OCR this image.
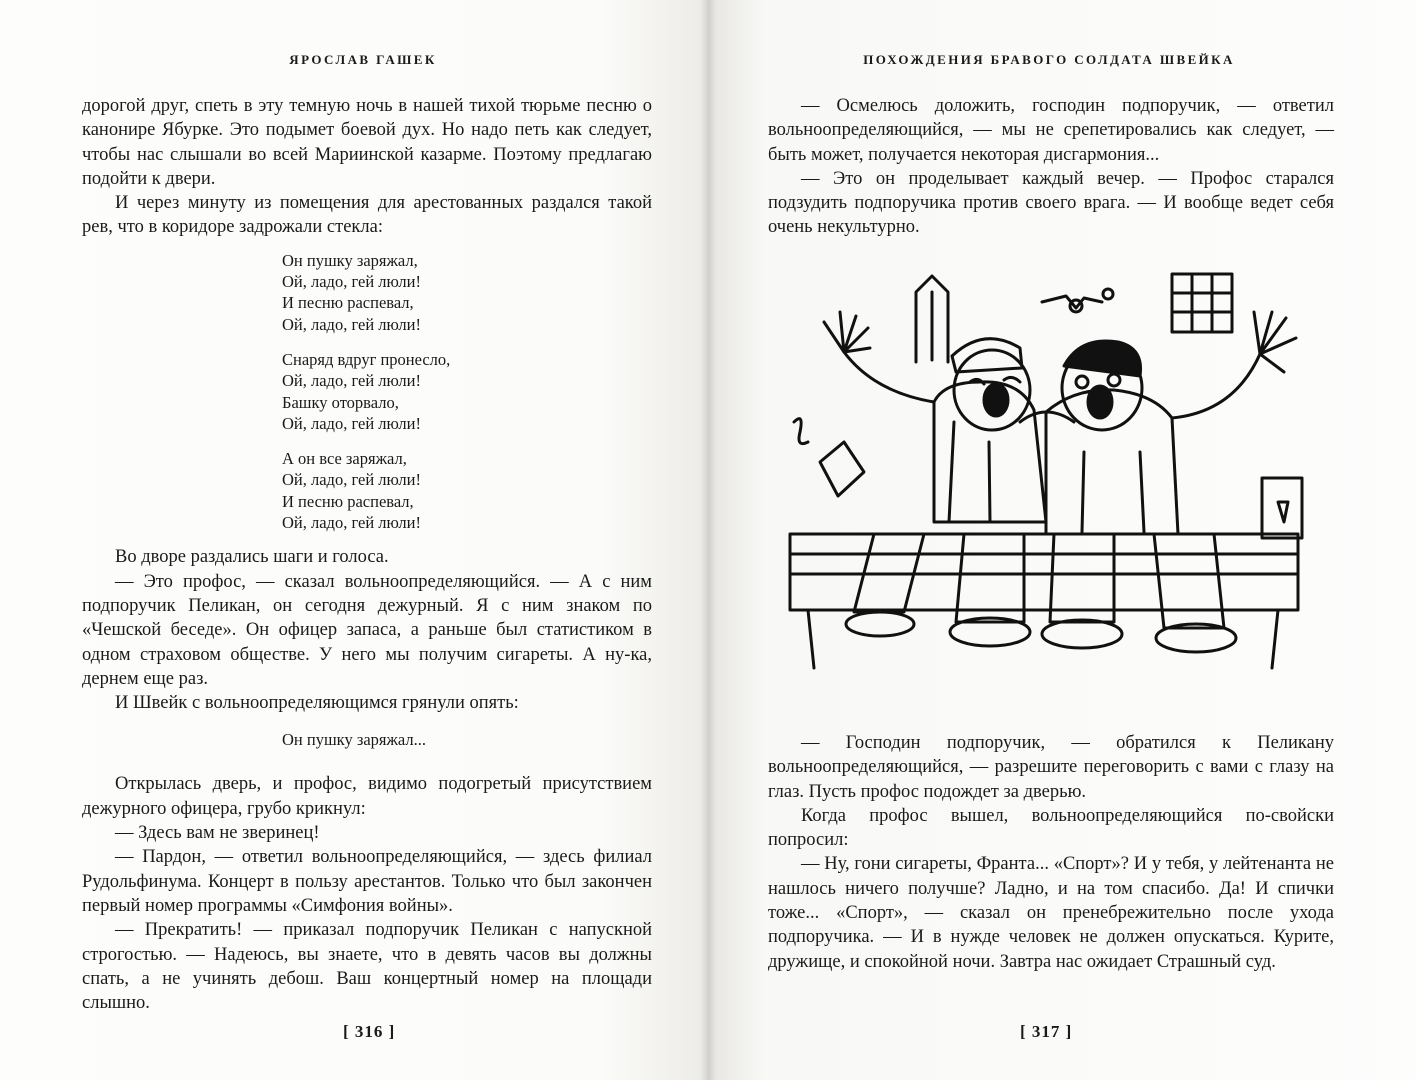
ЯРОСЛАВ ГАШЕК

дорогой друг, спеть в эту темную ночь в нашей тихой тюрьме песню о канонире Ябурке. Это подымет боевой дух. Но надо петь как следует, чтобы нас слышали во всей Мариинской казарме. Поэтому предлагаю подойти к двери.

И через минуту из помещения для арестованных раздался такой рев, что в коридоре задрожали стекла:

Он пушку заряжал,
Ой, ладо, гей люли!
И песню распевал,
Ой, ладо, гей люли!
Снаряд вдруг пронесло,
Ой, ладо, гей люли!
Башку оторвало,
Ой, ладо, гей люли!
А он все заряжал,
Ой, ладо, гей люли!
И песню распевал,
Ой, ладо, гей люли!

Во дворе раздались шаги и голоса.

— Это профос, — сказал вольноопределяющийся. — А с ним подпоручик Пеликан, он сегодня дежурный. Я с ним знаком по «Чешской беседе». Он офицер запаса, а раньше был статистиком в одном страховом обществе. У него мы получим сигареты. А ну-ка, дернем еще раз.

И Швейк с вольноопределяющимся грянули опять:

Он пушку заряжал...

Открылась дверь, и профос, видимо подогретый присутствием дежурного офицера, грубо крикнул:

— Здесь вам не зверинец!

— Пардон, — ответил вольноопределяющийся, — здесь филиал Рудольфинума. Концерт в пользу арестантов. Только что был закончен первый номер программы «Симфония войны».

— Прекратить! — приказал подпоручик Пеликан с напускной строгостью. — Надеюсь, вы знаете, что в девять часов вы должны спать, а не учинять дебош. Ваш концертный номер на площади слышно.

[ 316 ]
ПОХОЖДЕНИЯ БРАВОГО СОЛДАТА ШВЕЙКА

— Осмелюсь доложить, господин подпоручик, — ответил вольноопределяющийся, — мы не срепетировались как следует, — быть может, получается некоторая дисгармония...

— Это он проделывает каждый вечер. — Профос старался подзудить подпоручика против своего врага. — И вообще ведет себя очень некультурно.

— Господин подпоручик, — обратился к Пеликану вольноопределяющийся, — разрешите переговорить с вами с глазу на глаз. Пусть профос подождет за дверью.

Когда профос вышел, вольноопределяющийся по-свойски попросил:

— Ну, гони сигареты, Франта... «Спорт»? И у тебя, у лейтенанта не нашлось ничего получше? Ладно, и на том спасибо. Да! И спички тоже... «Спорт», — сказал он пренебрежительно после ухода подпоручика. — И в нужде человек не должен опускаться. Курите, дружище, и спокойной ночи. Завтра нас ожидает Страшный суд.

[ 317 ]
